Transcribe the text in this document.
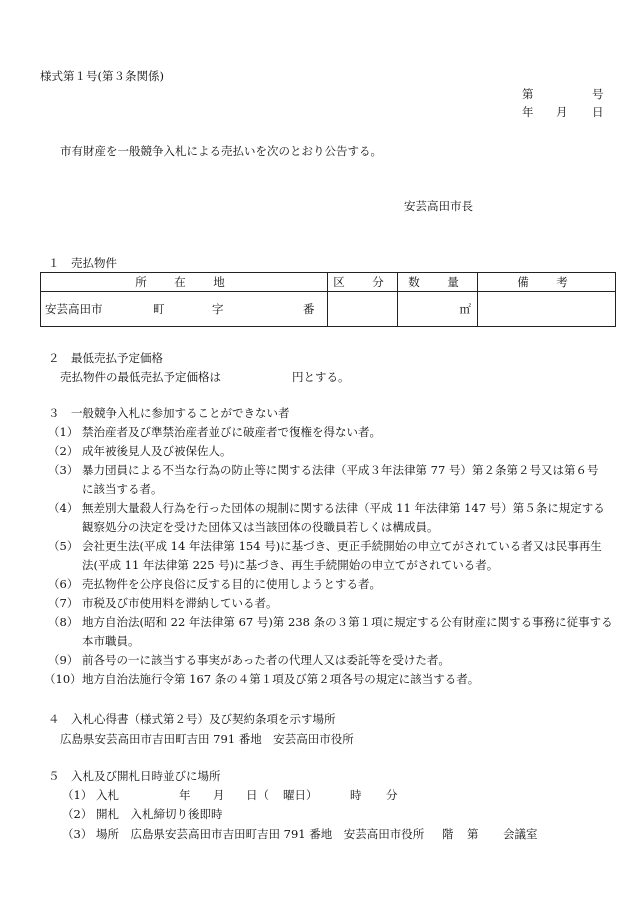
様式第１号(第３条関係)
第	号
年 月 日
市有財産を一般競争入札による売払いを次のとおり公告する。
安芸高田市長
１　売払物件
所　在　地	区　分	数　量	備　考

安芸高田市 町 字 番		㎡	

２　最低売払予定価格
売払物件の最低売払予定価格は	円とする。
３　一般競争入札に参加することができない者
（1） 禁治産者及び準禁治産者並びに破産者で復権を得ない者。
（2） 成年被後見人及び被保佐人。
（3） 暴力団員による不当な行為の防止等に関する法律（平成３年法律第 77 号）第２条第２号又は第６号
に該当する者。
（4） 無差別大量殺人行為を行った団体の規制に関する法律（平成 11 年法律第 147 号）第５条に規定する
観察処分の決定を受けた団体又は当該団体の役職員若しくは構成員。
（5） 会社更生法(平成 14 年法律第 154 号)に基づき、更正手続開始の申立てがされている者又は民事再生
法(平成 11 年法律第 225 号)に基づき、再生手続開始の申立てがされている者。
（6） 売払物件を公序良俗に反する目的に使用しようとする者。
（7） 市税及び市使用料を滞納している者。
（8） 地方自治法(昭和 22 年法律第 67 号)第 238 条の３第１項に規定する公有財産に関する事務に従事する
本市職員。
（9） 前各号の一に該当する事実があった者の代理人又は委託等を受けた者。
（10） 地方自治法施行令第 167 条の４第１項及び第２項各号の規定に該当する者。
４　入札心得書（様式第２号）及び契約条項を示す場所
広島県安芸高田市吉田町吉田 791 番地　安芸高田市役所
５　入札及び開札日時並びに場所
（1） 入札	年 月 日（ 曜日）	時 分
（2） 開札　入札締切り後即時
（3） 場所　広島県安芸高田市吉田町吉田 791 番地　安芸高田市役所 階 第 会議室
